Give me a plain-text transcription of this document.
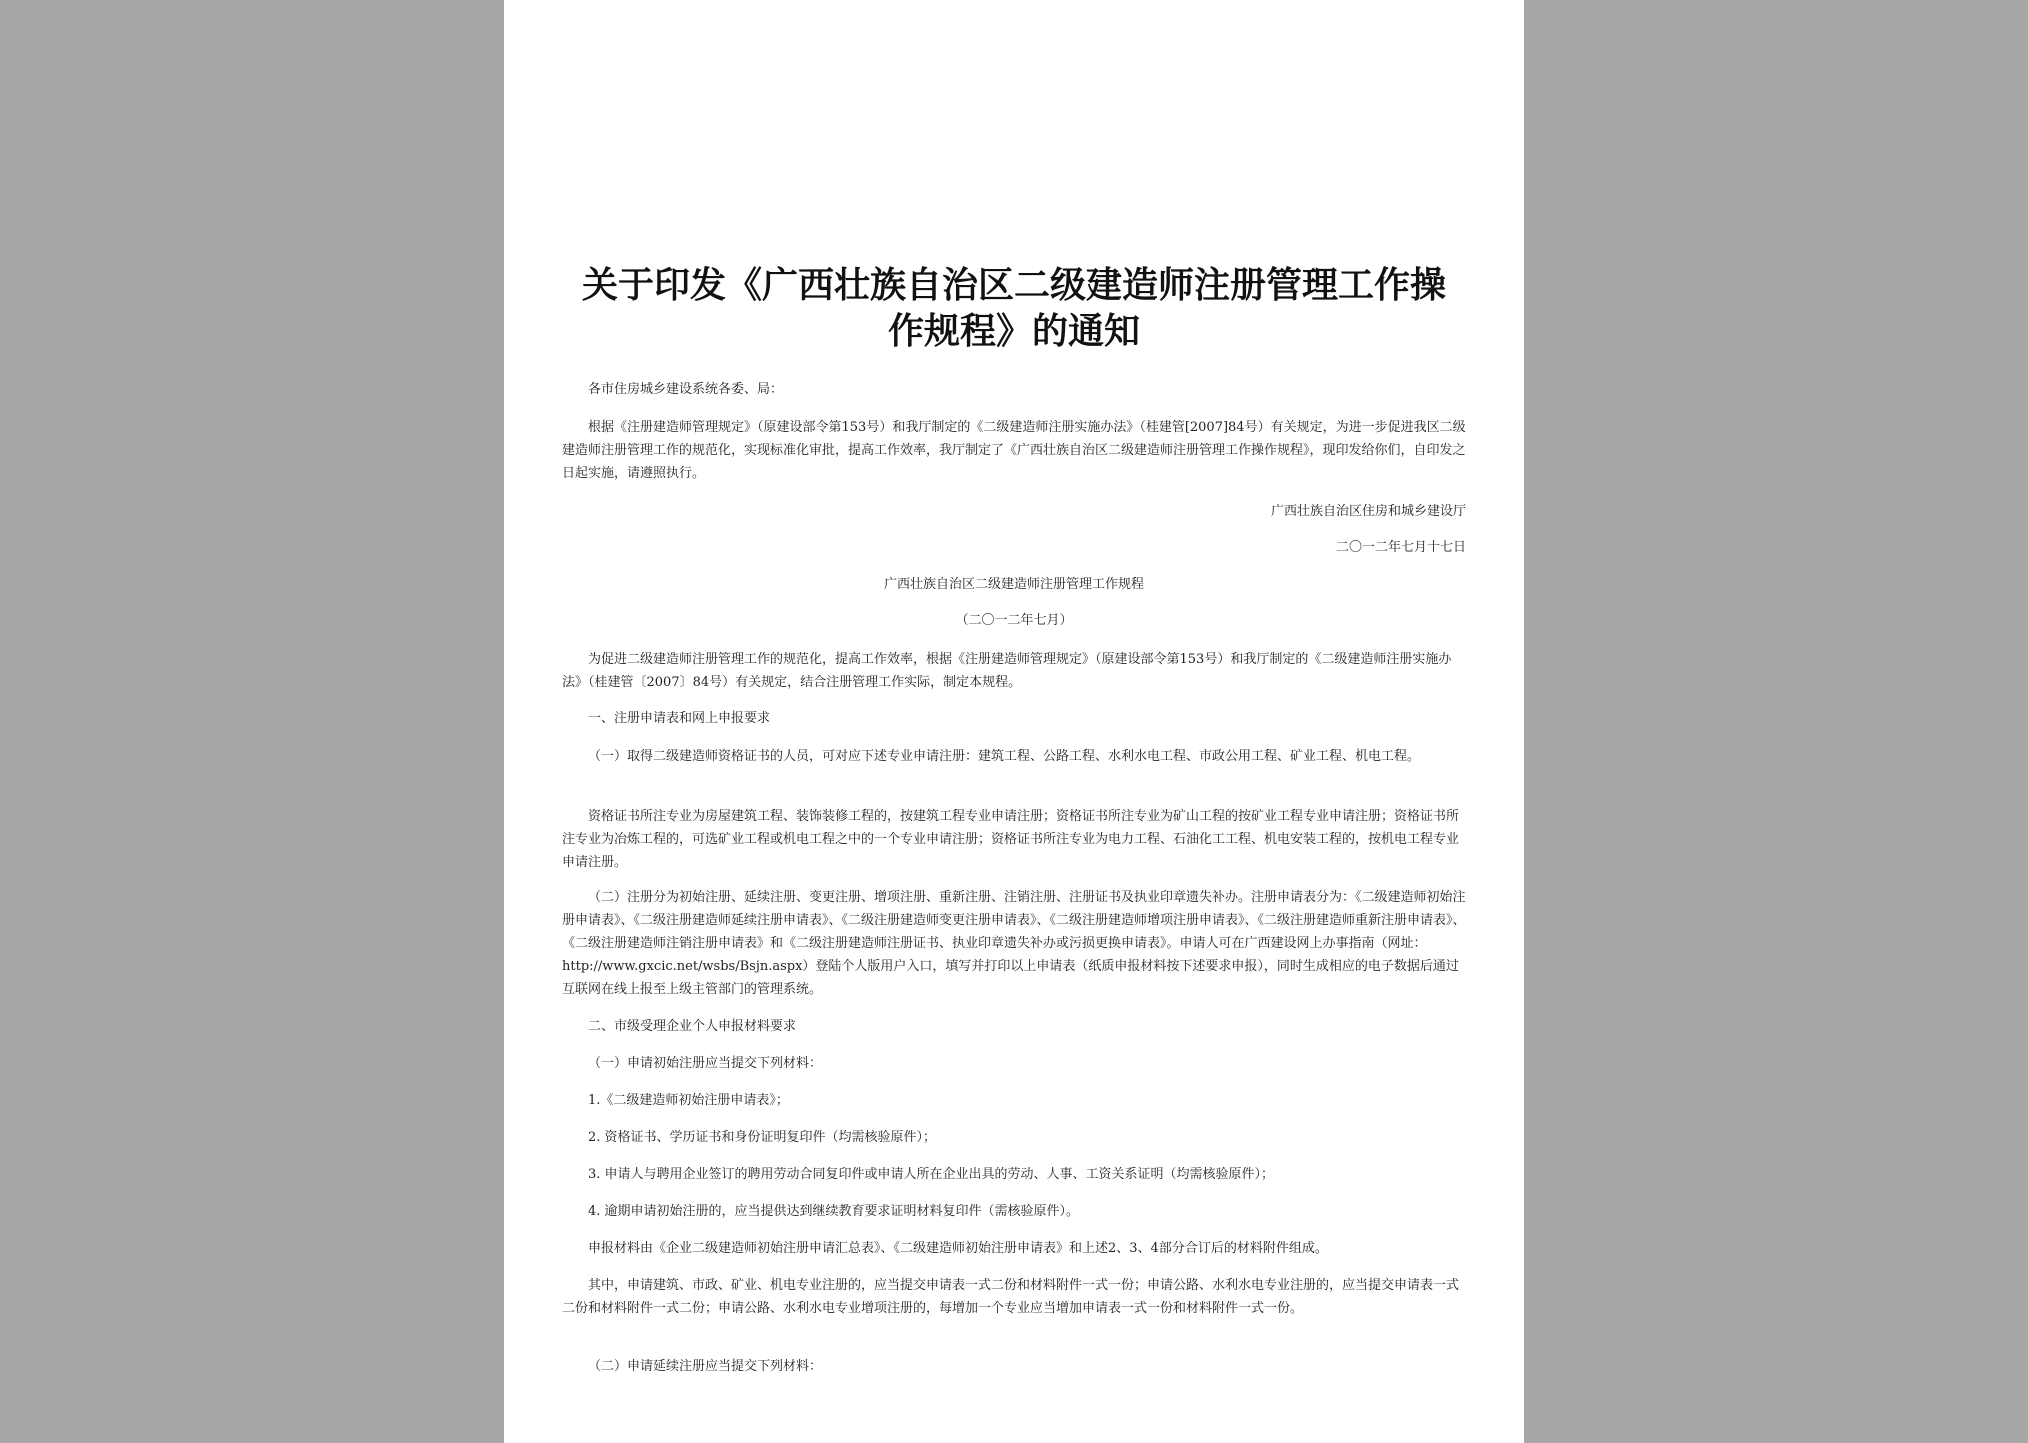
关于印发《广西壮族自治区二级建造师注册管理工作操
作规程》的通知

各市住房城乡建设系统各委、局：

根据《注册建造师管理规定》（原建设部令第153号）和我厅制定的《二级建造师注册实施办法》（桂建管[2007]84号）有关规定，为进一步促进我区二级建造师注册管理工作的规范化，实现标准化审批，提高工作效率，我厅制定了《广西壮族自治区二级建造师注册管理工作操作规程》，现印发给你们，自印发之日起实施，请遵照执行。

广西壮族自治区住房和城乡建设厅

二〇一二年七月十七日

广西壮族自治区二级建造师注册管理工作规程

（二〇一二年七月）

为促进二级建造师注册管理工作的规范化，提高工作效率，根据《注册建造师管理规定》（原建设部令第153号）和我厅制定的《二级建造师注册实施办法》（桂建管〔2007〕84号）有关规定，结合注册管理工作实际，制定本规程。

一、注册申请表和网上申报要求

（一）取得二级建造师资格证书的人员，可对应下述专业申请注册：建筑工程、公路工程、水利水电工程、市政公用工程、矿业工程、机电工程。

资格证书所注专业为房屋建筑工程、装饰装修工程的，按建筑工程专业申请注册；资格证书所注专业为矿山工程的按矿业工程专业申请注册；资格证书所注专业为冶炼工程的，可选矿业工程或机电工程之中的一个专业申请注册；资格证书所注专业为电力工程、石油化工工程、机电安装工程的，按机电工程专业申请注册。

（二）注册分为初始注册、延续注册、变更注册、增项注册、重新注册、注销注册、注册证书及执业印章遗失补办。注册申请表分为：《二级建造师初始注册申请表》、《二级注册建造师延续注册申请表》、《二级注册建造师变更注册申请表》、《二级注册建造师增项注册申请表》、《二级注册建造师重新注册申请表》、《二级注册建造师注销注册申请表》和《二级注册建造师注册证书、执业印章遗失补办或污损更换申请表》。申请人可在广西建设网上办事指南（网址：http://www.gxcic.net/wsbs/Bsjn.aspx）登陆个人版用户入口，填写并打印以上申请表（纸质申报材料按下述要求申报），同时生成相应的电子数据后通过互联网在线上报至上级主管部门的管理系统。

二、市级受理企业个人申报材料要求

（一）申请初始注册应当提交下列材料：

1.《二级建造师初始注册申请表》；

2. 资格证书、学历证书和身份证明复印件（均需核验原件）；

3. 申请人与聘用企业签订的聘用劳动合同复印件或申请人所在企业出具的劳动、人事、工资关系证明（均需核验原件）；

4. 逾期申请初始注册的，应当提供达到继续教育要求证明材料复印件（需核验原件）。

申报材料由《企业二级建造师初始注册申请汇总表》、《二级建造师初始注册申请表》和上述2、3、4部分合订后的材料附件组成。

其中，申请建筑、市政、矿业、机电专业注册的，应当提交申请表一式二份和材料附件一式一份；申请公路、水利水电专业注册的，应当提交申请表一式二份和材料附件一式二份；申请公路、水利水电专业增项注册的，每增加一个专业应当增加申请表一式一份和材料附件一式一份。

（二）申请延续注册应当提交下列材料：
